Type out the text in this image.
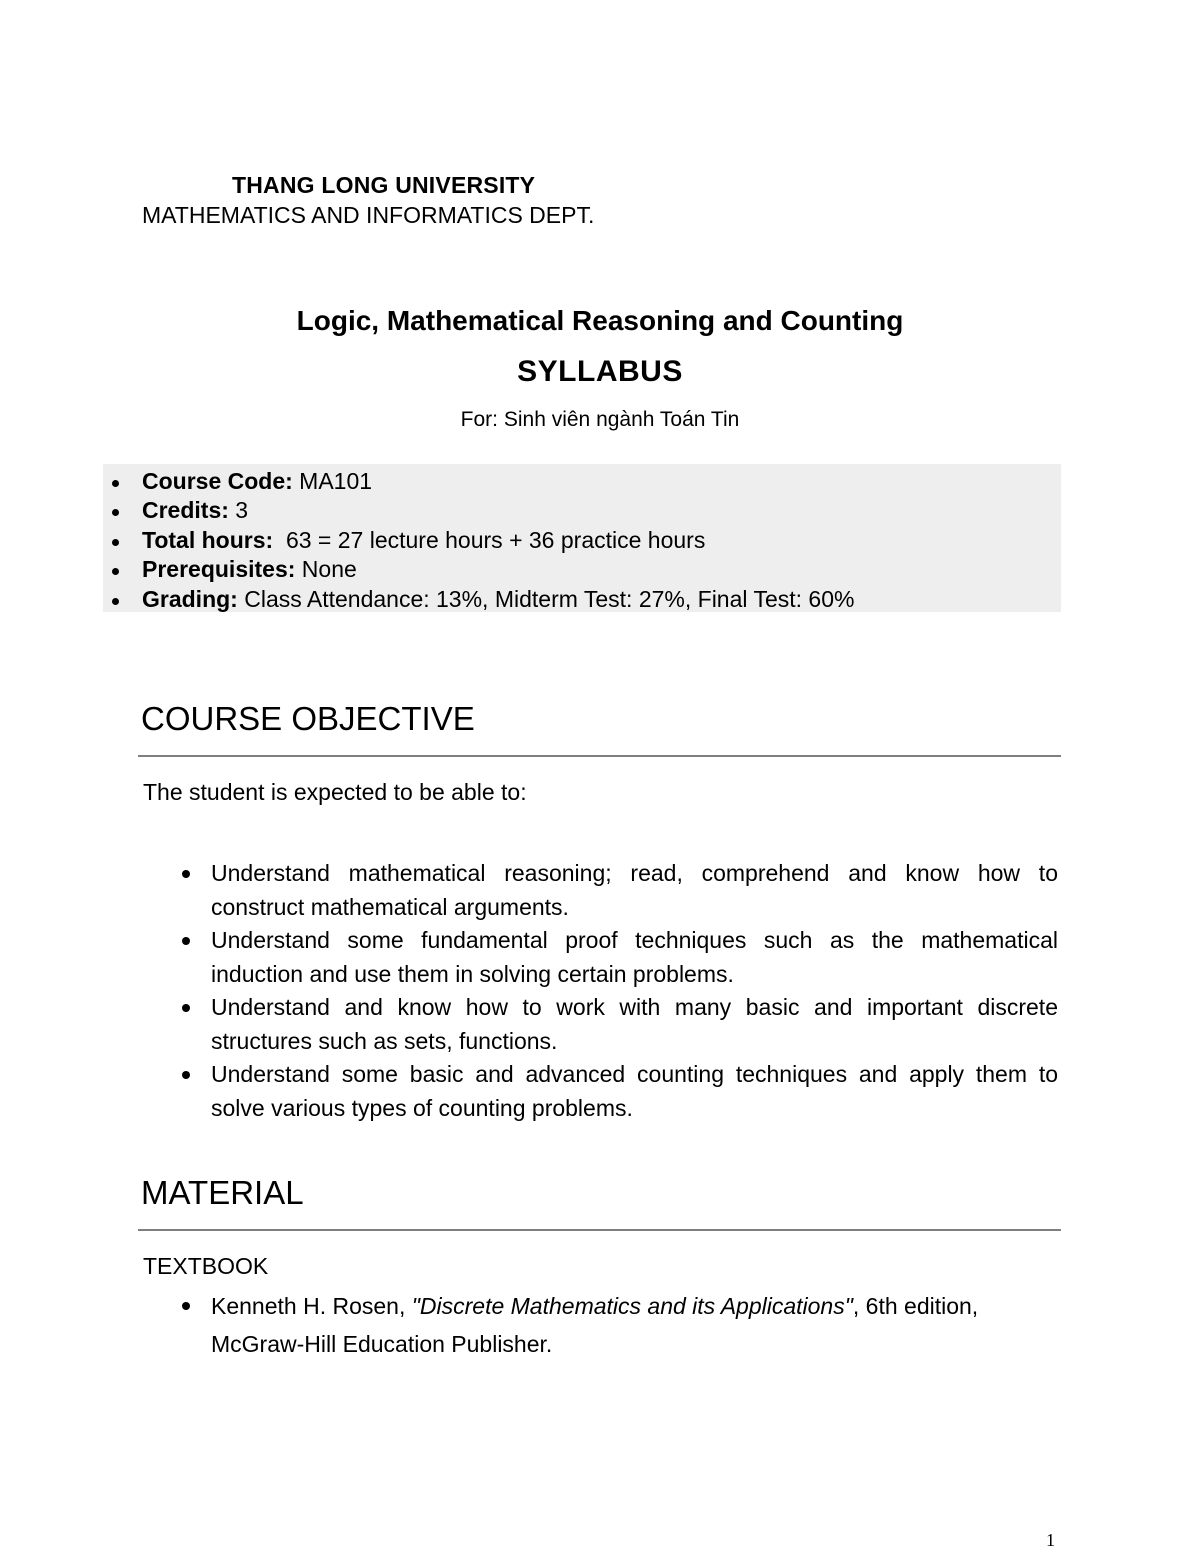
THANG LONG UNIVERSITY
MATHEMATICS AND INFORMATICS DEPT.
Logic, Mathematical Reasoning and Counting
SYLLABUS
For: Sinh viên ngành Toán Tin
Course Code: MA101
Credits: 3
Total hours:  63 = 27 lecture hours + 36 practice hours
Prerequisites: None
Grading: Class Attendance: 13%, Midterm Test: 27%, Final Test: 60%
COURSE OBJECTIVE
The student is expected to be able to:
Understand mathematical reasoning; read, comprehend and know how to construct mathematical arguments.
Understand some fundamental proof techniques such as the mathematical induction and use them in solving certain problems.
Understand and know how to work with many basic and important discrete structures such as sets, functions.
Understand some basic and advanced counting techniques and apply them to solve various types of counting problems.
MATERIAL
TEXTBOOK
Kenneth H. Rosen, "Discrete Mathematics and its Applications", 6th edition, McGraw-Hill Education Publisher.
1
